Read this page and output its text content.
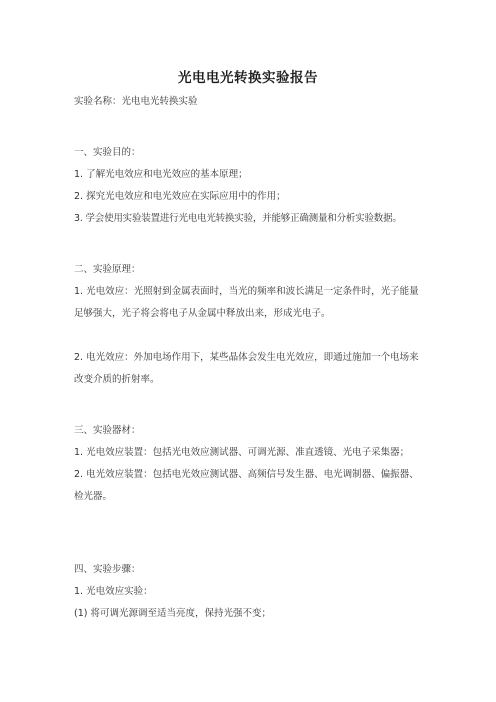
光电电光转换实验报告
实验名称：光电电光转换实验
一、实验目的：
1. 了解光电效应和电光效应的基本原理；
2. 探究光电效应和电光效应在实际应用中的作用；
3. 学会使用实验装置进行光电电光转换实验，并能够正确测量和分析实验数据。
二、实验原理：
1. 光电效应：光照射到金属表面时，当光的频率和波长满足一定条件时，光子能量足够强大，光子将会将电子从金属中释放出来，形成光电子。
2. 电光效应：外加电场作用下，某些晶体会发生电光效应，即通过施加一个电场来改变介质的折射率。
三、实验器材：
1. 光电效应装置：包括光电效应测试器、可调光源、准直透镜、光电子采集器；
2. 电光效应装置：包括电光效应测试器、高频信号发生器、电光调制器、偏振器、检光器。
四、实验步骤：
1. 光电效应实验：
(1) 将可调光源调至适当亮度，保持光强不变；
